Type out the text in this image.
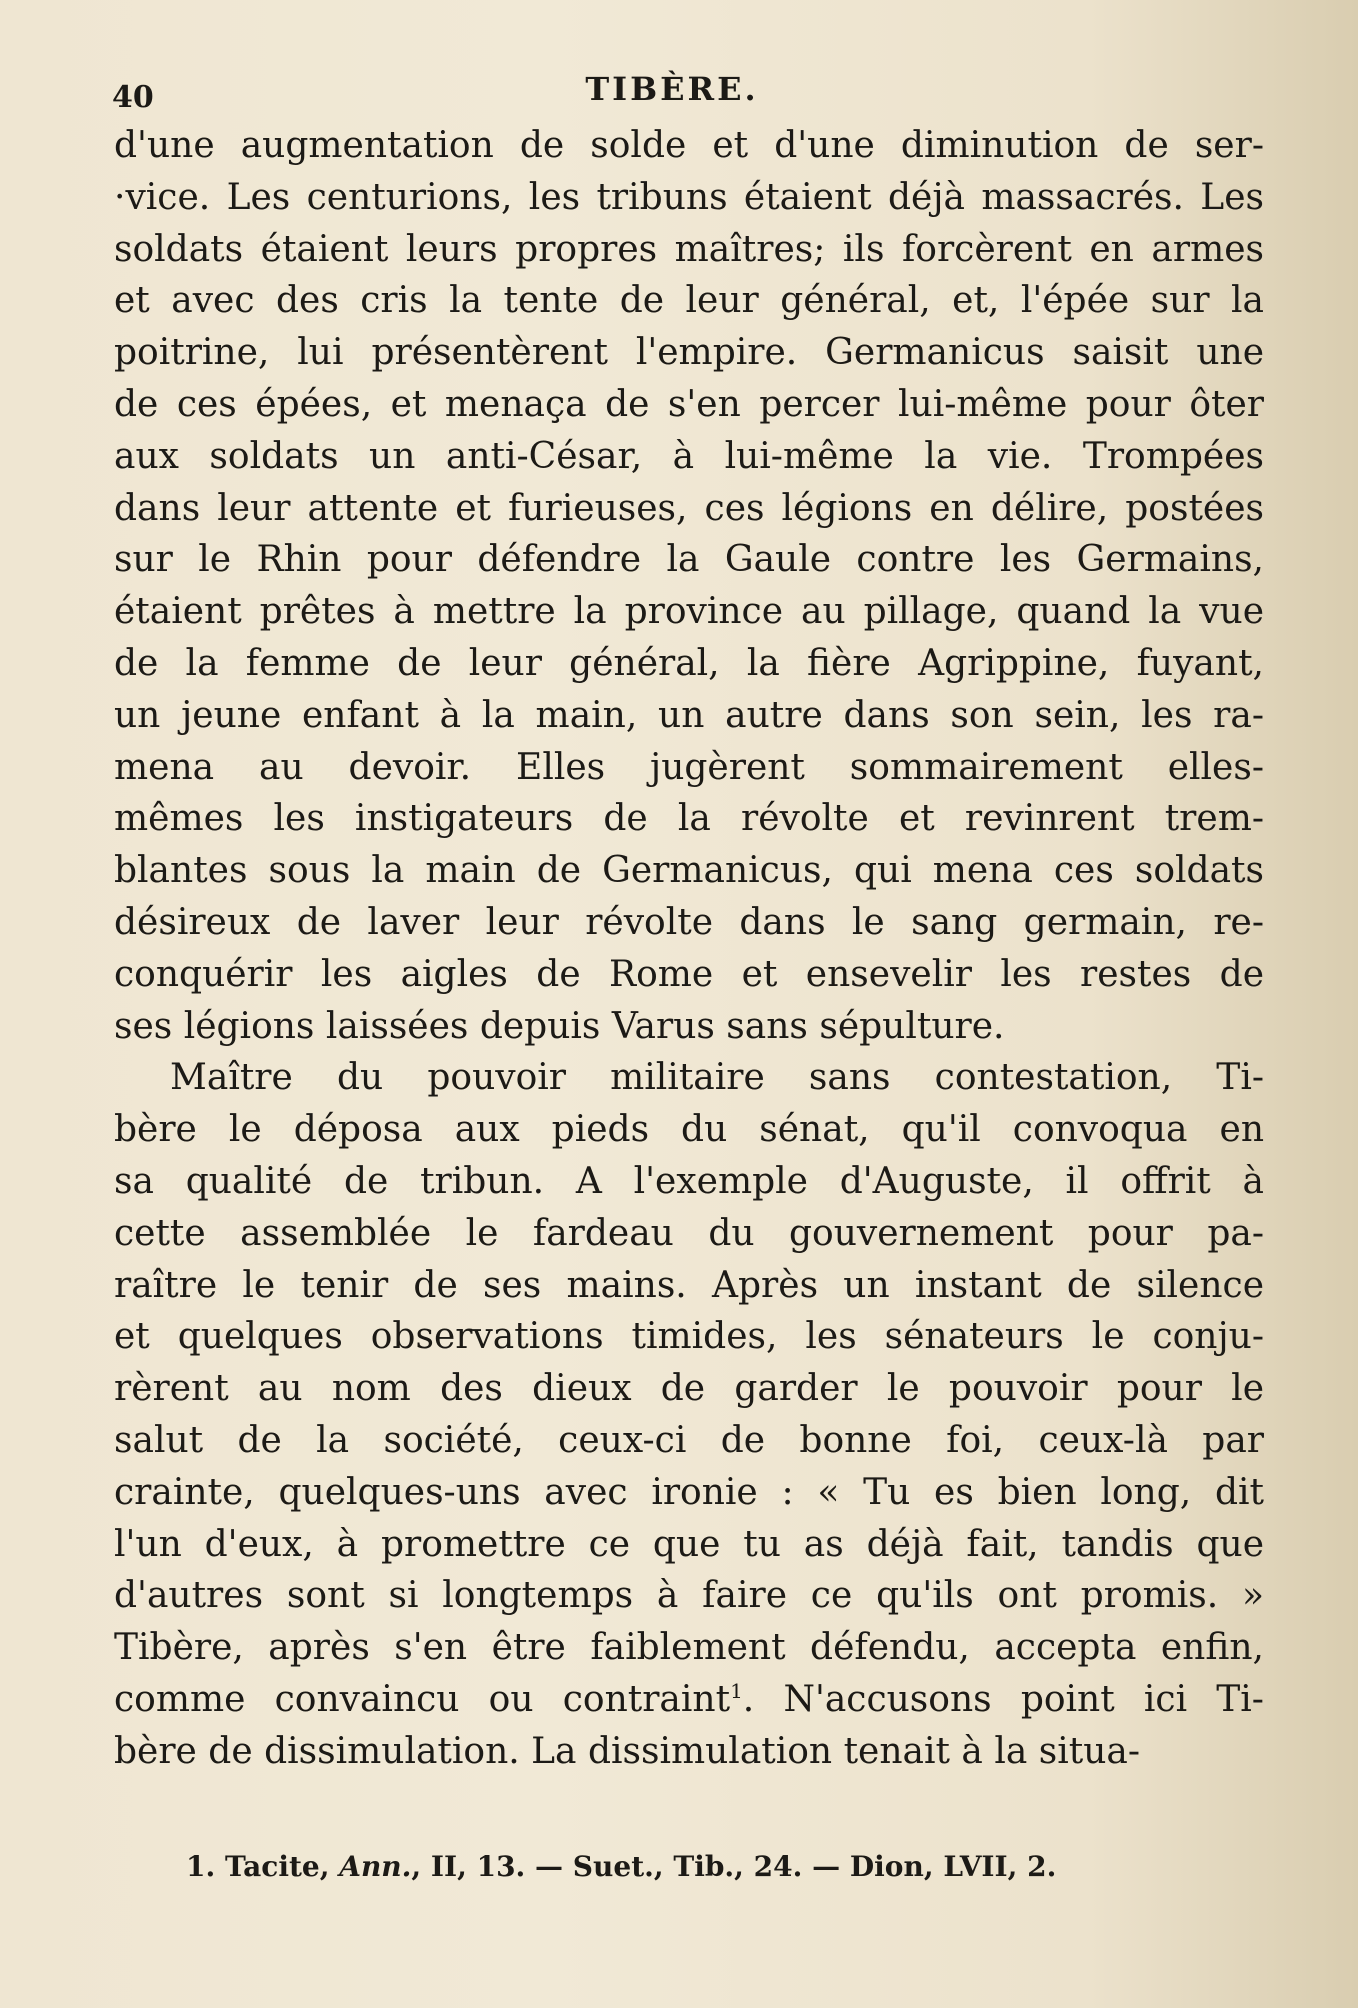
40	TIBÈRE.
d'une augmentation de solde et d'une diminution de ser-
·vice. Les centurions, les tribuns étaient déjà massacrés. Les
soldats étaient leurs propres maîtres; ils forcèrent en armes
et avec des cris la tente de leur général, et, l'épée sur la
poitrine, lui présentèrent l'empire. Germanicus saisit une
de ces épées, et menaça de s'en percer lui-même pour ôter
aux soldats un anti-César, à lui-même la vie. Trompées
dans leur attente et furieuses, ces légions en délire, postées
sur le Rhin pour défendre la Gaule contre les Germains,
étaient prêtes à mettre la province au pillage, quand la vue
de la femme de leur général, la fière Agrippine, fuyant,
un jeune enfant à la main, un autre dans son sein, les ra-
mena au devoir. Elles jugèrent sommairement elles-
mêmes les instigateurs de la révolte et revinrent trem-
blantes sous la main de Germanicus, qui mena ces soldats
désireux de laver leur révolte dans le sang germain, re-
conquérir les aigles de Rome et ensevelir les restes de
ses légions laissées depuis Varus sans sépulture.
Maître du pouvoir militaire sans contestation, Ti-
bère le déposa aux pieds du sénat, qu'il convoqua en
sa qualité de tribun. A l'exemple d'Auguste, il offrit à
cette assemblée le fardeau du gouvernement pour pa-
raître le tenir de ses mains. Après un instant de silence
et quelques observations timides, les sénateurs le conju-
rèrent au nom des dieux de garder le pouvoir pour le
salut de la société, ceux-ci de bonne foi, ceux-là par
crainte, quelques-uns avec ironie : « Tu es bien long, dit
l'un d'eux, à promettre ce que tu as déjà fait, tandis que
d'autres sont si longtemps à faire ce qu'ils ont promis. »
Tibère, après s'en être faiblement défendu, accepta enfin,
comme convaincu ou contraint$^1$. N'accusons point ici Ti-
bère de dissimulation. La dissimulation tenait à la situa-
1. Tacite, Ann., II, 13. — Suet., Tib., 24. — Dion, LVII, 2.
